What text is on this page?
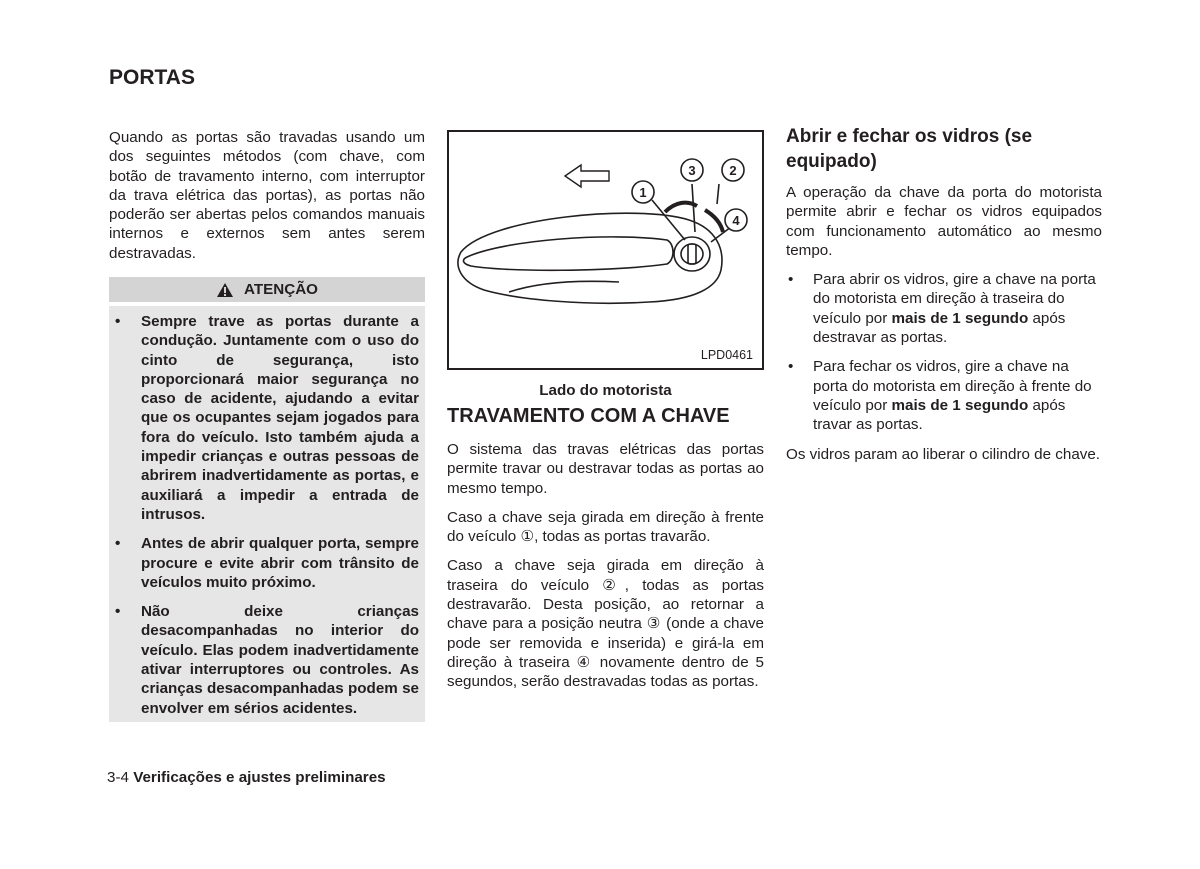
PORTAS

Quando as portas são travadas usando um dos seguintes métodos (com chave, com botão de travamento interno, com interruptor da trava elétrica das portas), as portas não poderão ser abertas pelos comandos manuais internos e externos sem antes serem destravadas.

ATENÇÃO
• Sempre trave as portas durante a condução. Juntamente com o uso do cinto de segurança, isto proporcionará maior segurança no caso de acidente, ajudando a evitar que os ocupantes sejam jogados para fora do veículo. Isto também ajuda a impedir crianças e outras pessoas de abrirem inadvertidamente as portas, e auxiliará a impedir a entrada de intrusos.
• Antes de abrir qualquer porta, sempre procure e evite abrir com trânsito de veículos muito próximo.
• Não deixe crianças desacompanhadas no interior do veículo. Elas podem inadvertidamente ativar interruptores ou controles. As crianças desacompanhadas podem se envolver em sérios acidentes.
1
3	2
4
LPD0461
Lado do motorista
TRAVAMENTO COM A CHAVE

O sistema das travas elétricas das portas permite travar ou destravar todas as portas ao mesmo tempo.

Caso a chave seja girada em direção à frente do veículo ①, todas as portas travarão.

Caso a chave seja girada em direção à traseira do veículo ②, todas as portas destravarão. Desta posição, ao retornar a chave para a posição neutra ③ (onde a chave pode ser removida e inserida) e girá-la em direção à traseira ④ novamente dentro de 5 segundos, serão destravadas todas as portas.

Abrir e fechar os vidros (se equipado)

A operação da chave da porta do motorista permite abrir e fechar os vidros equipados com funcionamento automático ao mesmo tempo.

• Para abrir os vidros, gire a chave na porta do motorista em direção à traseira do veículo por mais de 1 segundo após destravar as portas.
• Para fechar os vidros, gire a chave na porta do motorista em direção à frente do veículo por mais de 1 segundo após travar as portas.

Os vidros param ao liberar o cilindro de chave.

3-4 Verificações e ajustes preliminares
